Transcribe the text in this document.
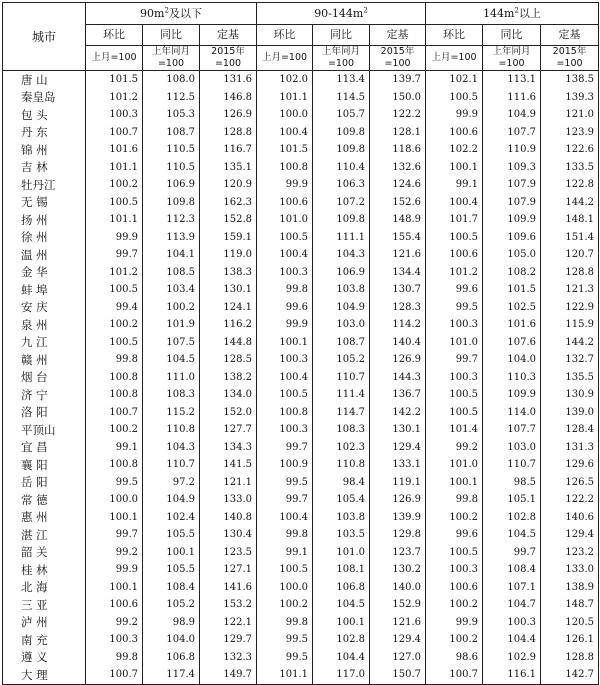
城市	$90m^2$及以下			$90-144m^2$			$144m^2$以上		
	环比	同比	定基	环比	同比	定基	环比	同比	定基
	上月=100	上年同月=100	2015年=100	上月=100	上年同月=100	2015年=100	上月=100	上年同月=100	2015年=100
唐 山	101.5	108.0	131.6	102.0	113.4	139.7	102.1	113.1	138.5
秦皇岛	101.2	112.5	146.8	101.1	114.5	150.0	100.5	111.6	139.3
包 头	100.3	105.3	126.9	100.0	105.7	122.2	99.9	104.9	121.0
丹 东	100.7	108.7	128.8	100.4	109.8	128.1	100.6	107.7	123.9
锦 州	101.6	110.5	116.7	101.5	109.8	118.6	102.2	110.9	122.6
吉 林	101.1	110.5	135.1	100.8	110.4	132.6	100.1	109.3	133.5
牡丹江	100.2	106.9	120.9	99.9	106.3	124.6	99.1	107.9	122.8
无 锡	100.5	109.8	162.3	100.6	107.2	152.6	100.4	107.9	144.2
扬 州	101.1	112.3	152.8	101.0	109.8	148.9	101.7	109.9	148.1
徐 州	99.9	113.9	159.1	100.5	111.1	155.4	100.5	109.6	151.4
温 州	99.7	104.1	119.0	100.4	104.3	121.6	100.6	105.0	120.7
金 华	101.2	108.5	138.3	100.3	106.9	134.4	101.2	108.2	128.8
蚌 埠	100.5	103.4	130.1	99.8	103.8	130.7	99.6	101.5	121.3
安 庆	99.4	100.2	124.1	99.6	104.9	128.3	99.5	102.5	122.9
泉 州	100.2	101.9	116.2	99.9	103.0	114.2	100.3	101.6	115.9
九 江	100.5	107.5	144.8	100.1	108.7	140.4	101.0	107.6	144.2
赣 州	99.8	104.5	128.5	100.3	105.2	126.9	99.7	104.0	132.7
烟 台	100.8	111.0	138.2	100.4	110.7	144.3	100.3	110.3	135.5
济 宁	100.8	108.3	134.0	100.5	111.4	136.7	100.5	109.9	130.9
洛 阳	100.7	115.2	152.0	100.8	114.7	142.2	100.5	114.0	139.0
平顶山	100.2	110.8	127.7	100.3	108.3	130.1	101.4	107.7	128.4
宜 昌	99.1	104.3	134.3	99.7	102.3	129.4	99.2	103.0	131.3
襄 阳	100.8	110.7	141.5	100.9	110.8	133.1	101.0	110.7	129.6
岳 阳	99.5	97.2	121.1	99.5	98.4	119.1	100.1	98.5	126.5
常 德	100.0	104.9	133.0	99.7	105.4	126.9	99.8	105.1	122.2
惠 州	100.1	102.4	140.8	100.4	103.8	139.9	100.2	102.8	140.6
湛 江	99.7	105.5	130.4	99.8	103.5	129.8	99.6	104.5	129.4
韶 关	99.2	100.1	123.5	99.1	101.0	123.7	100.5	99.7	123.2
桂 林	99.9	105.5	127.1	100.5	108.1	130.2	100.3	108.4	133.0
北 海	100.1	108.4	141.6	100.0	106.8	140.0	100.6	107.1	138.9
三 亚	100.6	105.2	153.2	100.2	104.5	152.9	100.2	104.7	148.7
泸 州	99.2	98.9	122.1	99.8	100.1	121.6	99.9	100.3	120.5
南 充	100.3	104.0	129.7	99.5	102.8	129.4	100.2	104.4	126.1
遵 义	99.8	106.8	132.3	99.5	104.4	127.0	98.6	102.9	128.8
大 理	100.7	117.4	149.7	101.1	117.0	150.7	100.7	116.1	142.7
